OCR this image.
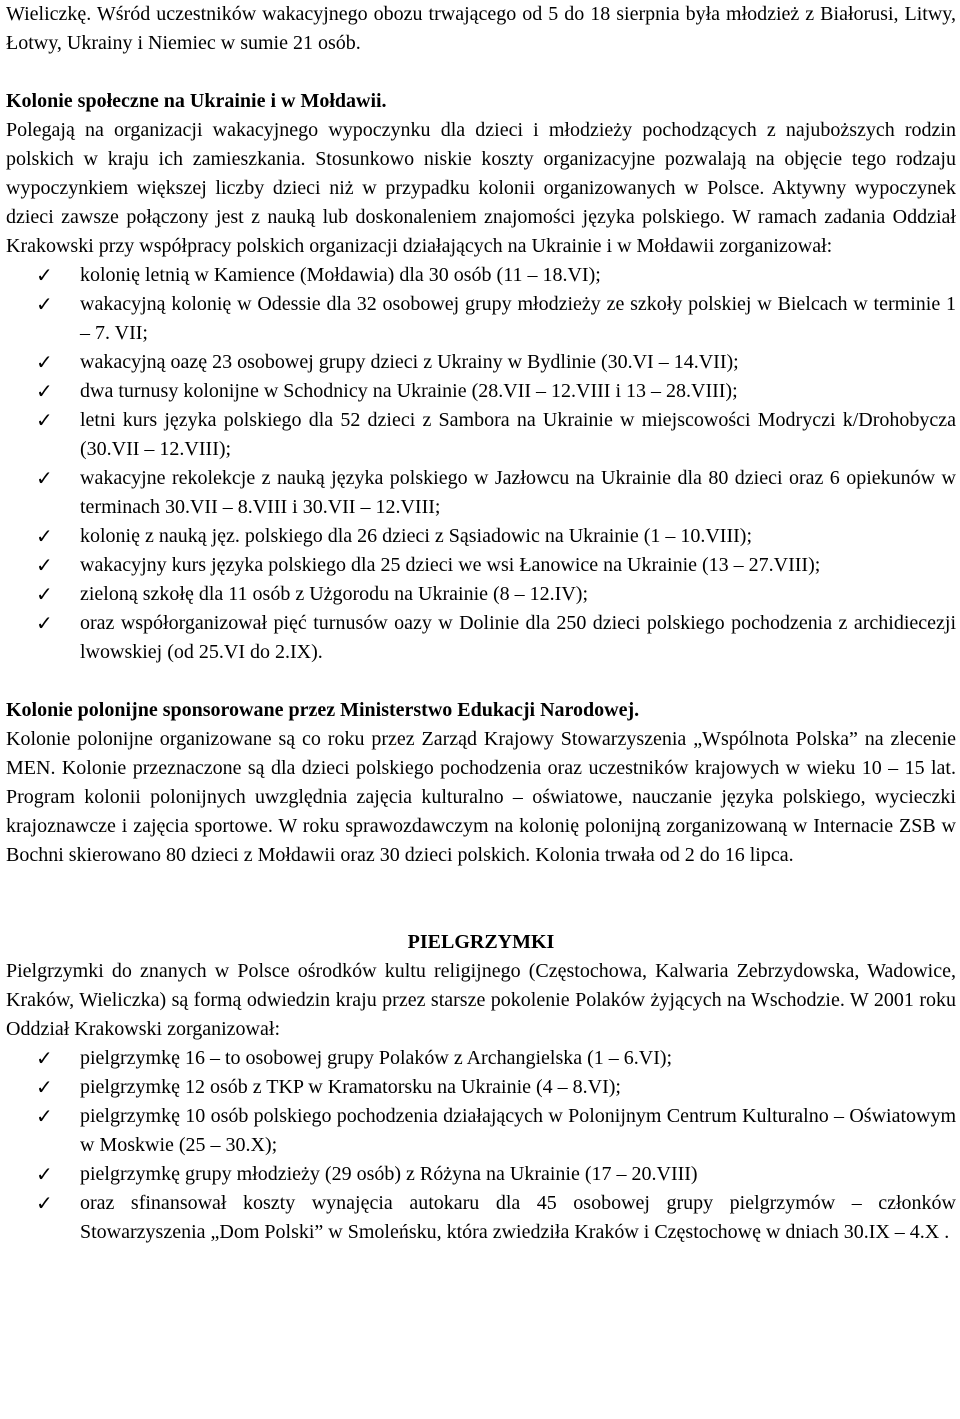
Wieliczkę. Wśród uczestników wakacyjnego obozu trwającego od 5 do 18 sierpnia była młodzież z Białorusi, Litwy, Łotwy, Ukrainy i Niemiec w sumie 21 osób.

Kolonie społeczne na Ukrainie i w Mołdawii.

Polegają na organizacji wakacyjnego wypoczynku dla dzieci i młodzieży pochodzących z najuboższych rodzin polskich w kraju ich zamieszkania. Stosunkowo niskie koszty organizacyjne pozwalają na objęcie tego rodzaju wypoczynkiem większej liczby dzieci niż w przypadku kolonii organizowanych w Polsce. Aktywny wypoczynek dzieci zawsze połączony jest z nauką lub doskonaleniem znajomości języka polskiego. W ramach zadania Oddział Krakowski przy współpracy polskich organizacji działających na Ukrainie i w Mołdawii zorganizował:

✓ kolonię letnią w Kamience (Mołdawia) dla 30 osób (11 – 18.VI);
✓ wakacyjną kolonię w Odessie dla 32 osobowej grupy młodzieży ze szkoły polskiej w Bielcach w terminie 1 – 7. VII;
✓ wakacyjną oazę 23 osobowej grupy dzieci z Ukrainy w Bydlinie (30.VI – 14.VII);
✓ dwa turnusy kolonijne w Schodnicy na Ukrainie (28.VII – 12.VIII i 13 – 28.VIII);
✓ letni kurs języka polskiego dla 52 dzieci z Sambora na Ukrainie w miejscowości Modryczi k/Drohobycza (30.VII – 12.VIII);
✓ wakacyjne rekolekcje z nauką języka polskiego w Jazłowcu na Ukrainie dla 80 dzieci oraz 6 opiekunów w terminach 30.VII – 8.VIII i 30.VII – 12.VIII;
✓ kolonię z nauką jęz. polskiego dla 26 dzieci z Sąsiadowic na Ukrainie (1 – 10.VIII);
✓ wakacyjny kurs języka polskiego dla 25 dzieci we wsi Łanowice na Ukrainie (13 – 27.VIII);
✓ zieloną szkołę dla 11 osób z Użgorodu na Ukrainie (8 – 12.IV);
✓ oraz współorganizował pięć turnusów oazy w Dolinie dla 250 dzieci polskiego pochodzenia z archidiecezji lwowskiej (od 25.VI do 2.IX).

Kolonie polonijne sponsorowane przez Ministerstwo Edukacji Narodowej.

Kolonie polonijne organizowane są co roku przez Zarząd Krajowy Stowarzyszenia „Wspólnota Polska” na zlecenie MEN. Kolonie przeznaczone są dla dzieci polskiego pochodzenia oraz uczestników krajowych w wieku 10 – 15 lat. Program kolonii polonijnych uwzględnia zajęcia kulturalno – oświatowe, nauczanie języka polskiego, wycieczki krajoznawcze i zajęcia sportowe. W roku sprawozdawczym na kolonię polonijną zorganizowaną w Internacie ZSB w Bochni skierowano 80 dzieci z Mołdawii oraz 30 dzieci polskich. Kolonia trwała od 2 do 16 lipca.

PIELGRZYMKI

Pielgrzymki do znanych w Polsce ośrodków kultu religijnego (Częstochowa, Kalwaria Zebrzydowska, Wadowice, Kraków, Wieliczka) są formą odwiedzin kraju przez starsze pokolenie Polaków żyjących na Wschodzie. W 2001 roku Oddział Krakowski zorganizował:

✓ pielgrzymkę 16 – to osobowej grupy Polaków z Archangielska (1 – 6.VI);
✓ pielgrzymkę 12 osób z TKP w Kramatorsku na Ukrainie (4 – 8.VI);
✓ pielgrzymkę 10 osób polskiego pochodzenia działających w Polonijnym Centrum Kulturalno – Oświatowym w Moskwie (25 – 30.X);
✓ pielgrzymkę grupy młodzieży (29 osób) z Różyna na Ukrainie (17 – 20.VIII)
✓ oraz sfinansował koszty wynajęcia autokaru dla 45 osobowej grupy pielgrzymów – członków Stowarzyszenia „Dom Polski” w Smoleńsku, która zwiedziła Kraków i Częstochowę w dniach 30.IX – 4.X .
